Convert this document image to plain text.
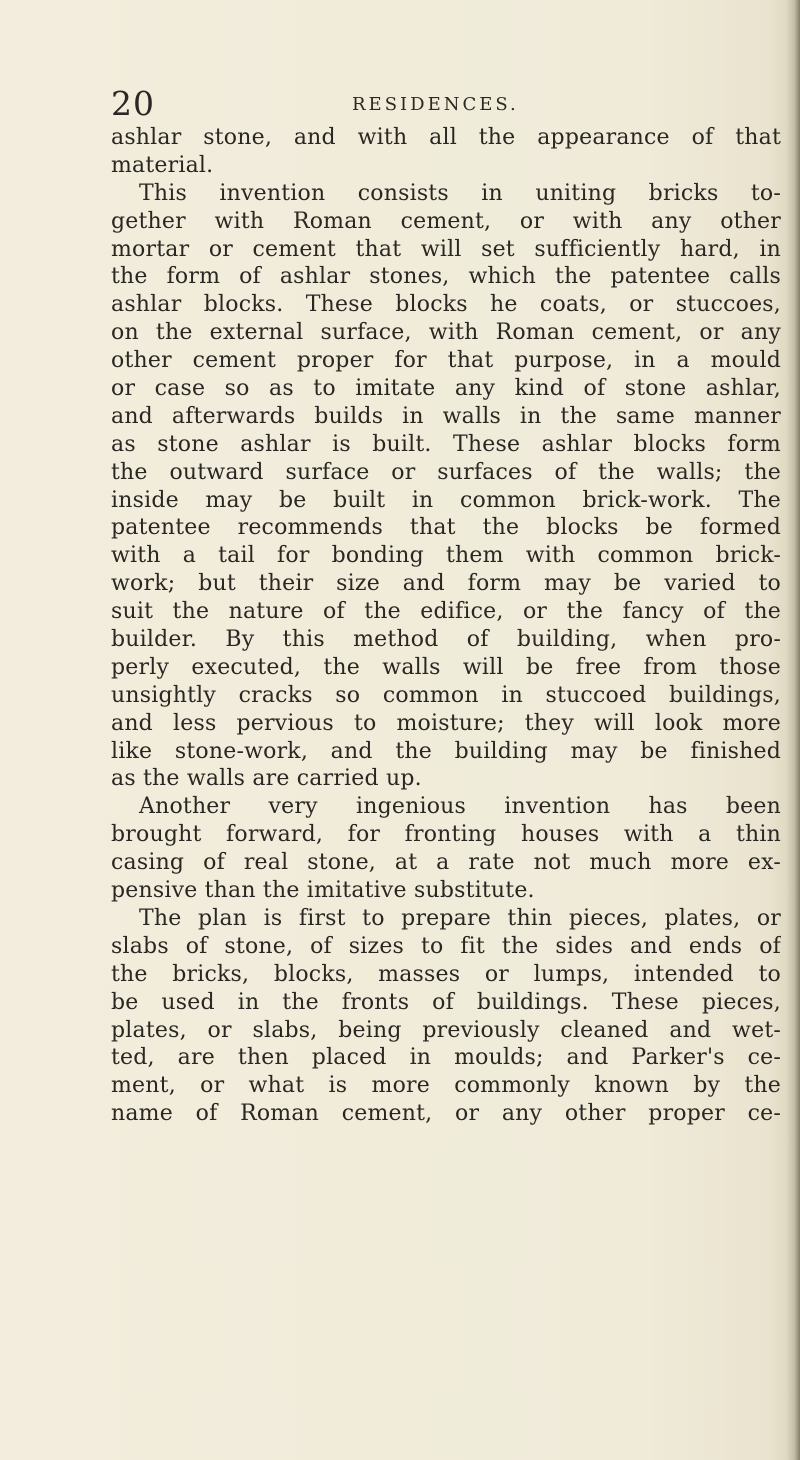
20	RESIDENCES.
ashlar stone, and with all the appearance of that
material.
This invention consists in uniting bricks to-
gether with Roman cement, or with any other
mortar or cement that will set sufficiently hard, in
the form of ashlar stones, which the patentee calls
ashlar blocks. These blocks he coats, or stuccoes,
on the external surface, with Roman cement, or any
other cement proper for that purpose, in a mould
or case so as to imitate any kind of stone ashlar,
and afterwards builds in walls in the same manner
as stone ashlar is built. These ashlar blocks form
the outward surface or surfaces of the walls; the
inside may be built in common brick-work. The
patentee recommends that the blocks be formed
with a tail for bonding them with common brick-
work; but their size and form may be varied to
suit the nature of the edifice, or the fancy of the
builder. By this method of building, when pro-
perly executed, the walls will be free from those
unsightly cracks so common in stuccoed buildings,
and less pervious to moisture; they will look more
like stone-work, and the building may be finished
as the walls are carried up.
Another very ingenious invention has been
brought forward, for fronting houses with a thin
casing of real stone, at a rate not much more ex-
pensive than the imitative substitute.
The plan is first to prepare thin pieces, plates, or
slabs of stone, of sizes to fit the sides and ends of
the bricks, blocks, masses or lumps, intended to
be used in the fronts of buildings. These pieces,
plates, or slabs, being previously cleaned and wet-
ted, are then placed in moulds; and Parker's ce-
ment, or what is more commonly known by the
name of Roman cement, or any other proper ce-
